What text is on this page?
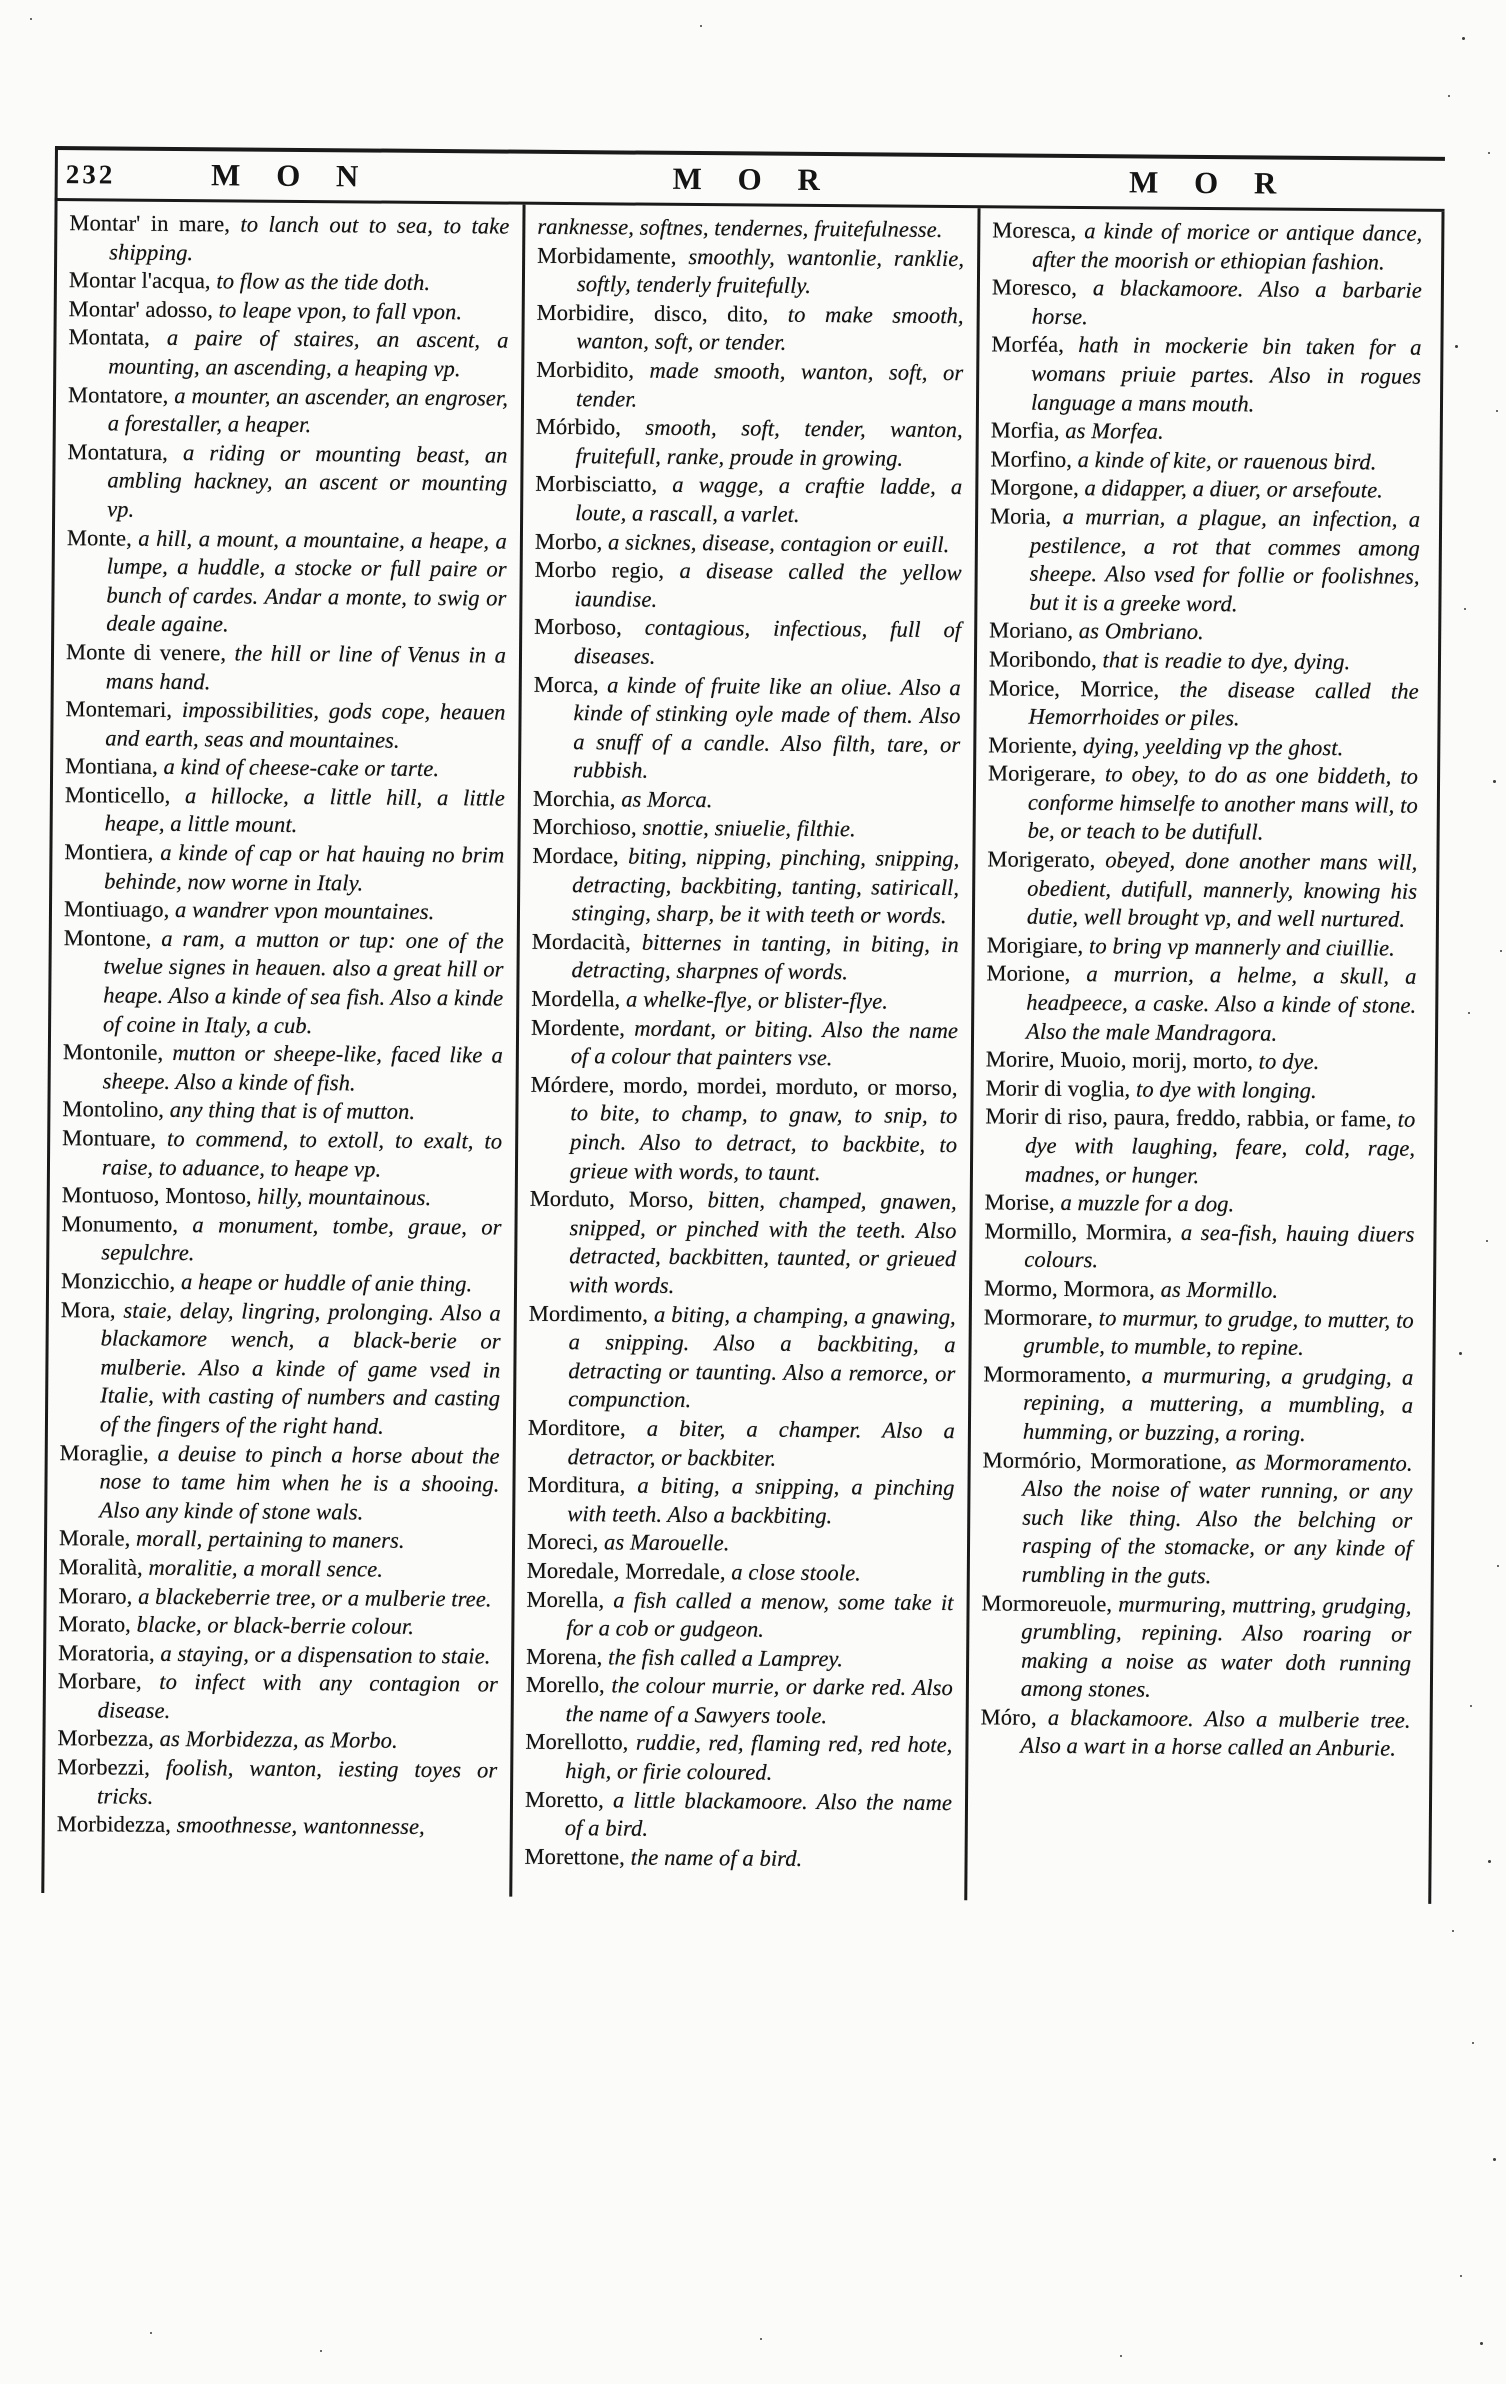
232	M O N	M O R	M O R

Montar' in mare, to lanch out to sea, to take shipping.

Montar l'acqua, to flow as the tide doth.

Montar' adosso, to leape vpon, to fall vpon.

Montata, a paire of staires, an ascent, a mounting, an ascending, a heaping vp.

Montatore, a mounter, an ascender, an engroser, a forestaller, a heaper.

Montatura, a riding or mounting beast, an ambling hackney, an ascent or mounting vp.

Monte, a hill, a mount, a mountaine, a heape, a lumpe, a huddle, a stocke or full paire or bunch of cardes. Andar a monte, to swig or deale againe.

Monte di venere, the hill or line of Venus in a mans hand.

Montemari, impossibilities, gods cope, heauen and earth, seas and mountaines.

Montiana, a kind of cheese-cake or tarte.

Monticello, a hillocke, a little hill, a little heape, a little mount.

Montiera, a kinde of cap or hat hauing no brim behinde, now worne in Italy.

Montiuago, a wandrer vpon mountaines.

Montone, a ram, a mutton or tup: one of the twelue signes in heauen. also a great hill or heape. Also a kinde of sea fish. Also a kinde of coine in Italy, a cub.

Montonile, mutton or sheepe-like, faced like a sheepe. Also a kinde of fish.

Montolino, any thing that is of mutton.

Montuare, to commend, to extoll, to exalt, to raise, to aduance, to heape vp.

Montuoso, Montoso, hilly, mountainous.

Monumento, a monument, tombe, graue, or sepulchre.

Monzicchio, a heape or huddle of anie thing.

Mora, staie, delay, lingring, prolonging. Also a blackamore wench, a black-berie or mulberie. Also a kinde of game vsed in Italie, with casting of numbers and casting of the fingers of the right hand.

Moraglie, a deuise to pinch a horse about the nose to tame him when he is a shooing. Also any kinde of stone wals.

Morale, morall, pertaining to maners.

Moralità, moralitie, a morall sence.

Moraro, a blackeberrie tree, or a mulberie tree.

Morato, blacke, or black-berrie colour.

Moratoria, a staying, or a dispensation to staie.

Morbare, to infect with any contagion or disease.

Morbezza, as Morbidezza, as Morbo.

Morbezzi, foolish, wanton, iesting toyes or tricks.

Morbidezza, smoothnesse, wantonnesse,

ranknesse, softnes, tendernes, fruitefulnesse.

Morbidamente, smoothly, wantonlie, ranklie, softly, tenderly fruitefully.

Morbidire, disco, dito, to make smooth, wanton, soft, or tender.

Morbidito, made smooth, wanton, soft, or tender.

Mórbido, smooth, soft, tender, wanton, fruitefull, ranke, proude in growing.

Morbisciatto, a wagge, a craftie ladde, a loute, a rascall, a varlet.

Morbo, a sicknes, disease, contagion or euill.

Morbo regio, a disease called the yellow iaundise.

Morboso, contagious, infectious, full of diseases.

Morca, a kinde of fruite like an oliue. Also a kinde of stinking oyle made of them. Also a snuff of a candle. Also filth, tare, or rubbish.

Morchia, as Morca.

Morchioso, snottie, sniuelie, filthie.

Mordace, biting, nipping, pinching, snipping, detracting, backbiting, tanting, satiricall, stinging, sharp, be it with teeth or words.

Mordacità, bitternes in tanting, in biting, in detracting, sharpnes of words.

Mordella, a whelke-flye, or blister-flye.

Mordente, mordant, or biting. Also the name of a colour that painters vse.

Mórdere, mordo, mordei, morduto, or morso, to bite, to champ, to gnaw, to snip, to pinch. Also to detract, to backbite, to grieue with words, to taunt.

Morduto, Morso, bitten, champed, gnawen, snipped, or pinched with the teeth. Also detracted, backbitten, taunted, or grieued with words.

Mordimento, a biting, a champing, a gnawing, a snipping. Also a backbiting, a detracting or taunting. Also a remorce, or compunction.

Morditore, a biter, a champer. Also a detractor, or backbiter.

Morditura, a biting, a snipping, a pinching with teeth. Also a backbiting.

Moreci, as Marouelle.

Moredale, Morredale, a close stoole.

Morella, a fish called a menow, some take it for a cob or gudgeon.

Morena, the fish called a Lamprey.

Morello, the colour murrie, or darke red. Also the name of a Sawyers toole.

Morellotto, ruddie, red, flaming red, red hote, high, or firie coloured.

Moretto, a little blackamoore. Also the name of a bird.

Morettone, the name of a bird.

Moresca, a kinde of morice or antique dance, after the moorish or ethiopian fashion.

Moresco, a blackamoore. Also a barbarie horse.

Morféa, hath in mockerie bin taken for a womans priuie partes. Also in rogues language a mans mouth.

Morfia, as Morfea.

Morfino, a kinde of kite, or rauenous bird.

Morgone, a didapper, a diuer, or arsefoute.

Moria, a murrian, a plague, an infection, a pestilence, a rot that commes among sheepe. Also vsed for follie or foolishnes, but it is a greeke word.

Moriano, as Ombriano.

Moribondo, that is readie to dye, dying.

Morice, Morrice, the disease called the Hemorrhoides or piles.

Moriente, dying, yeelding vp the ghost.

Morigerare, to obey, to do as one biddeth, to conforme himselfe to another mans will, to be, or teach to be dutifull.

Morigerato, obeyed, done another mans will, obedient, dutifull, mannerly, knowing his dutie, well brought vp, and well nurtured.

Morigiare, to bring vp mannerly and ciuillie.

Morione, a murrion, a helme, a skull, a headpeece, a caske. Also a kinde of stone. Also the male Mandragora.

Morire, Muoio, morij, morto, to dye.

Morir di voglia, to dye with longing.

Morir di riso, paura, freddo, rabbia, or fame, to dye with laughing, feare, cold, rage, madnes, or hunger.

Morise, a muzzle for a dog.

Mormillo, Mormira, a sea-fish, hauing diuers colours.

Mormo, Mormora, as Mormillo.

Mormorare, to murmur, to grudge, to mutter, to grumble, to mumble, to repine.

Mormoramento, a murmuring, a grudging, a repining, a muttering, a mumbling, a humming, or buzzing, a roring.

Mormório, Mormoratione, as Mormoramento. Also the noise of water running, or any such like thing. Also the belching or rasping of the stomacke, or any kinde of rumbling in the guts.

Mormoreuole, murmuring, muttring, grudging, grumbling, repining. Also roaring or making a noise as water doth running among stones.

Móro, a blackamoore. Also a mulberie tree. Also a wart in a horse called an Anburie.
